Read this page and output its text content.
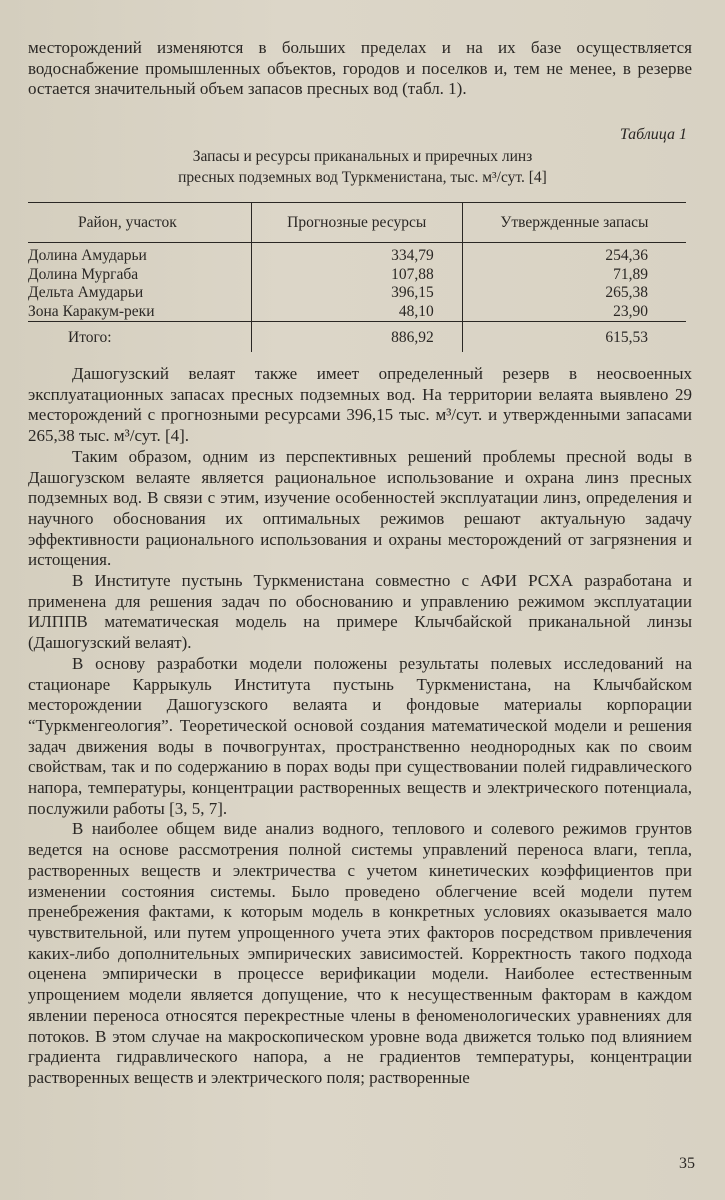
месторождений изменяются в больших пределах и на их базе осуществляется водоснабжение промышленных объектов, городов и поселков и, тем не менее, в резерве остается значительный объем запасов пресных вод (табл. 1).

Таблица 1
Запасы и ресурсы приканальных и приречных линз
пресных подземных вод Туркменистана, тыс. м³/сут. [4]
Район, участок	Прогнозные ресурсы	Утвержденные запасы
Долина Амударьи	334,79	254,36
Долина Мургаба	107,88	71,89
Дельта Амударьи	396,15	265,38
Зона Каракум-реки	48,10	23,90
Итого:	886,92	615,53

Дашогузский велаят также имеет определенный резерв в неосвоенных эксплуатационных запасах пресных подземных вод. На территории велаята выявлено 29 месторождений с прогнозными ресурсами 396,15 тыс. м³/сут. и утвержденными запасами 265,38 тыс. м³/сут. [4].

Таким образом, одним из перспективных решений проблемы пресной воды в Дашогузском велаяте является рациональное использование и охрана линз пресных подземных вод. В связи с этим, изучение особенностей эксплуатации линз, определения и научного обоснования их оптимальных режимов решают актуальную задачу эффективности рационального использования и охраны месторождений от загрязнения и истощения.

В Институте пустынь Туркменистана совместно с АФИ РСХА разработана и применена для решения задач по обоснованию и управлению режимом эксплуатации ИЛППВ математическая модель на примере Клычбайской приканальной линзы (Дашогузский велаят).

В основу разработки модели положены результаты полевых исследований на стационаре Каррыкуль Института пустынь Туркменистана, на Клычбайском месторождении Дашогузского велаята и фондовые материалы корпорации “Туркменгеология”. Теоретической основой создания математической модели и решения задач движения воды в почвогрунтах, пространственно неоднородных как по своим свойствам, так и по содержанию в порах воды при существовании полей гидравлического напора, температуры, концентрации растворенных веществ и электрического потенциала, послужили работы [3, 5, 7].

В наиболее общем виде анализ водного, теплового и солевого режимов грунтов ведется на основе рассмотрения полной системы управлений переноса влаги, тепла, растворенных веществ и электричества с учетом кинетических коэффициентов при изменении состояния системы. Было проведено облегчение всей модели путем пренебрежения фактами, к которым модель в конкретных условиях оказывается мало чувствительной, или путем упрощенного учета этих факторов посредством привлечения каких-либо дополнительных эмпирических зависимостей. Корректность такого подхода оценена эмпирически в процессе верификации модели. Наиболее естественным упрощением модели является допущение, что к несущественным факторам в каждом явлении переноса относятся перекрестные члены в феноменологических уравнениях для потоков. В этом случае на макроскопическом уровне вода движется только под влиянием градиента гидравлического напора, а не градиентов температуры, концентрации растворенных веществ и электрического поля; растворенные

35
